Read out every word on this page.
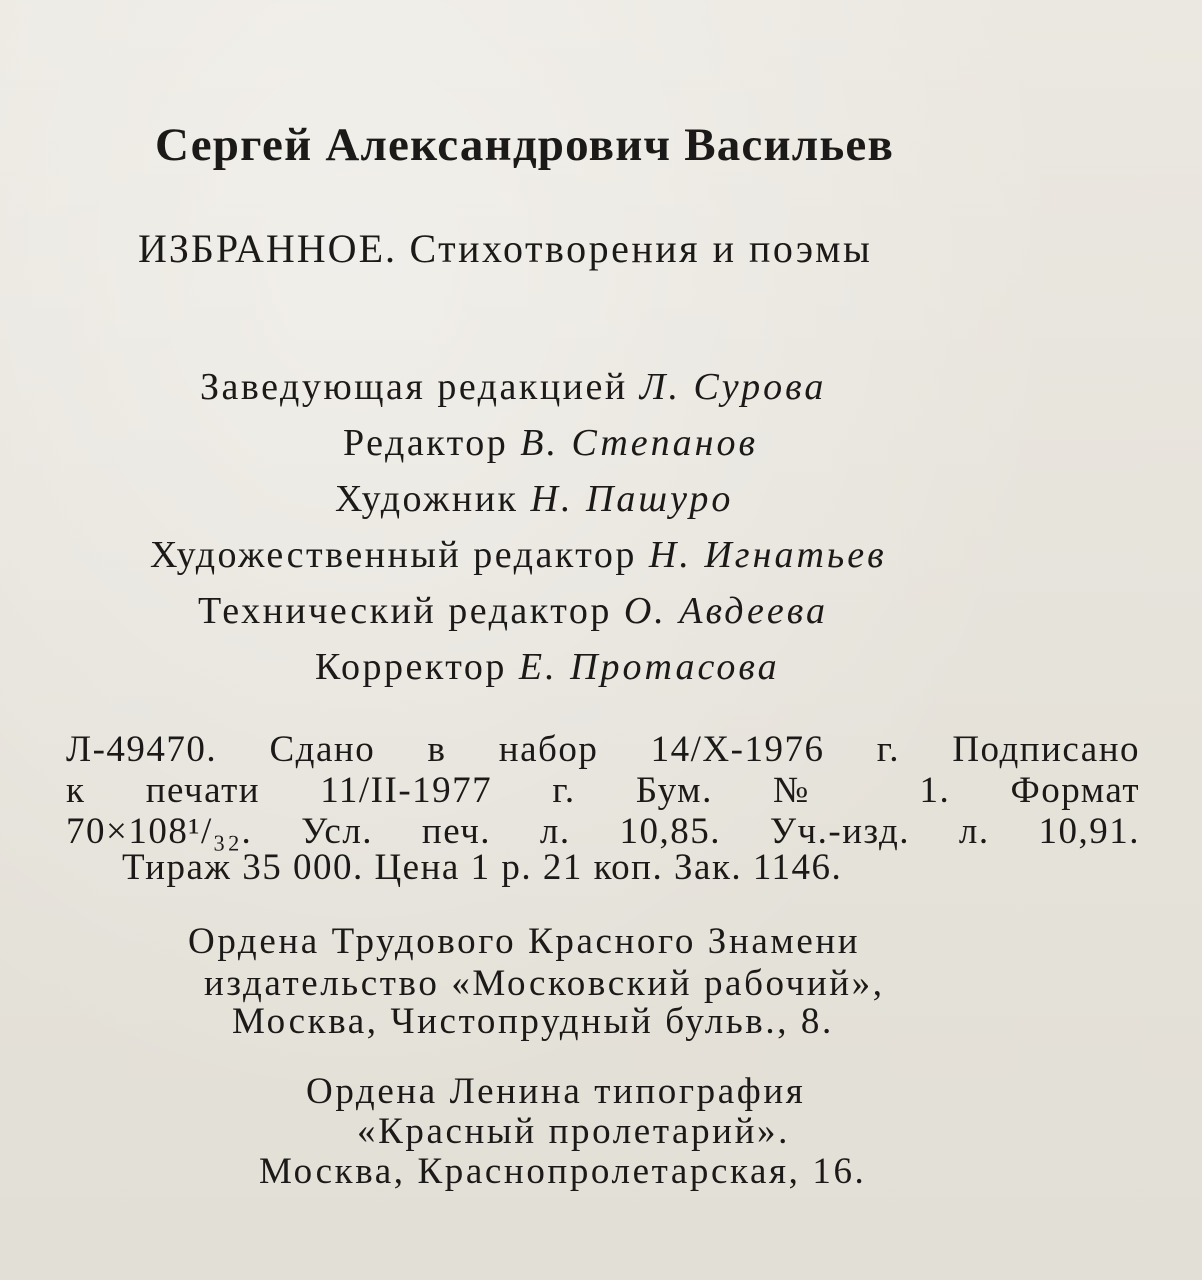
Сергей Александрович Васильев
ИЗБРАННОЕ. Стихотворения и поэмы
Заведующая редакцией Л. Сурова
Редактор В. Степанов
Художник Н. Пашуро
Художественный редактор Н. Игнатьев
Технический редактор О. Авдеева
Корректор Е. Протасова
Л-49470. Сдано в набор 14/Х-1976 г. Подписано
к печати 11/II-1977 г. Бум. № 1. Формат
70×108¹/₃₂. Усл. печ. л. 10,85. Уч.-изд. л. 10,91.
Тираж 35 000. Цена 1 р. 21 коп. Зак. 1146.
Ордена Трудового Красного Знамени
издательство «Московский рабочий»,
Москва, Чистопрудный бульв., 8.
Ордена Ленина типография
«Красный пролетарий».
Москва, Краснопролетарская, 16.
